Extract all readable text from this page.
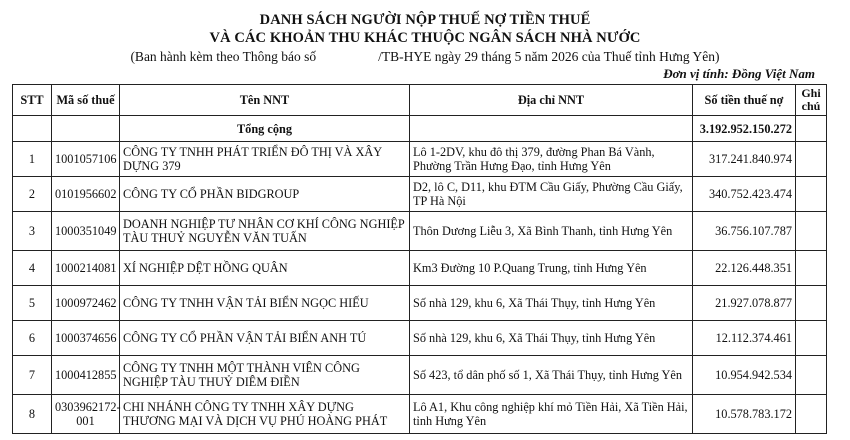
DANH SÁCH NGƯỜI NỘP THUẾ NỢ TIỀN THUẾ
VÀ CÁC KHOẢN THU KHÁC THUỘC NGÂN SÁCH NHÀ NƯỚC
(Ban hành kèm theo Thông báo số	/TB-HYE ngày 29 tháng 5 năm 2026 của Thuế tỉnh Hưng Yên)
Đơn vị tính: Đồng Việt Nam
STT	Mã số thuế	Tên NNT	Địa chỉ NNT	Số tiền thuế nợ	Ghi chú
		Tổng cộng		3.192.952.150.272	
1	1001057106	CÔNG TY TNHH PHÁT TRIỂN ĐÔ THỊ VÀ XÂY DỰNG 379	Lô 1-2DV, khu đô thị 379, đường Phan Bá Vành, Phường Trần Hưng Đạo, tỉnh Hưng Yên	317.241.840.974	
2	0101956602	CÔNG TY CỔ PHẦN BIDGROUP	D2, lô C, D11, khu ĐTM Cầu Giấy, Phường Cầu Giấy, TP Hà Nội	340.752.423.474	
3	1000351049	DOANH NGHIỆP TƯ NHÂN CƠ KHÍ CÔNG NGHIỆP TÀU THUỶ NGUYỄN VĂN TUẤN	Thôn Dương Liễu 3, Xã Bình Thanh, tỉnh Hưng Yên	36.756.107.787	
4	1000214081	XÍ NGHIỆP DỆT HỒNG QUÂN	Km3 Đường 10 P.Quang Trung, tỉnh Hưng Yên	22.126.448.351	
5	1000972462	CÔNG TY TNHH VẬN TẢI BIỂN NGỌC HIẾU	Số nhà 129, khu 6, Xã Thái Thụy, tỉnh Hưng Yên	21.927.078.877	
6	1000374656	CÔNG TY CỔ PHẦN VẬN TẢI BIỂN ANH TÚ	Số nhà 129, khu 6, Xã Thái Thụy, tỉnh Hưng Yên	12.112.374.461	
7	1000412855	CÔNG TY TNHH MỘT THÀNH VIÊN CÔNG NGHIỆP TÀU THUỶ DIÊM ĐIỀN	Số 423, tổ dân phố số 1, Xã Thái Thụy, tỉnh Hưng Yên	10.954.942.534	
8	0303962172-001	CHI NHÁNH CÔNG TY TNHH XÂY DỰNG THƯƠNG MẠI VÀ DỊCH VỤ PHÚ HOÀNG PHÁT	Lô A1, Khu công nghiệp khí mỏ Tiền Hải, Xã Tiền Hải, tỉnh Hưng Yên	10.578.783.172	
